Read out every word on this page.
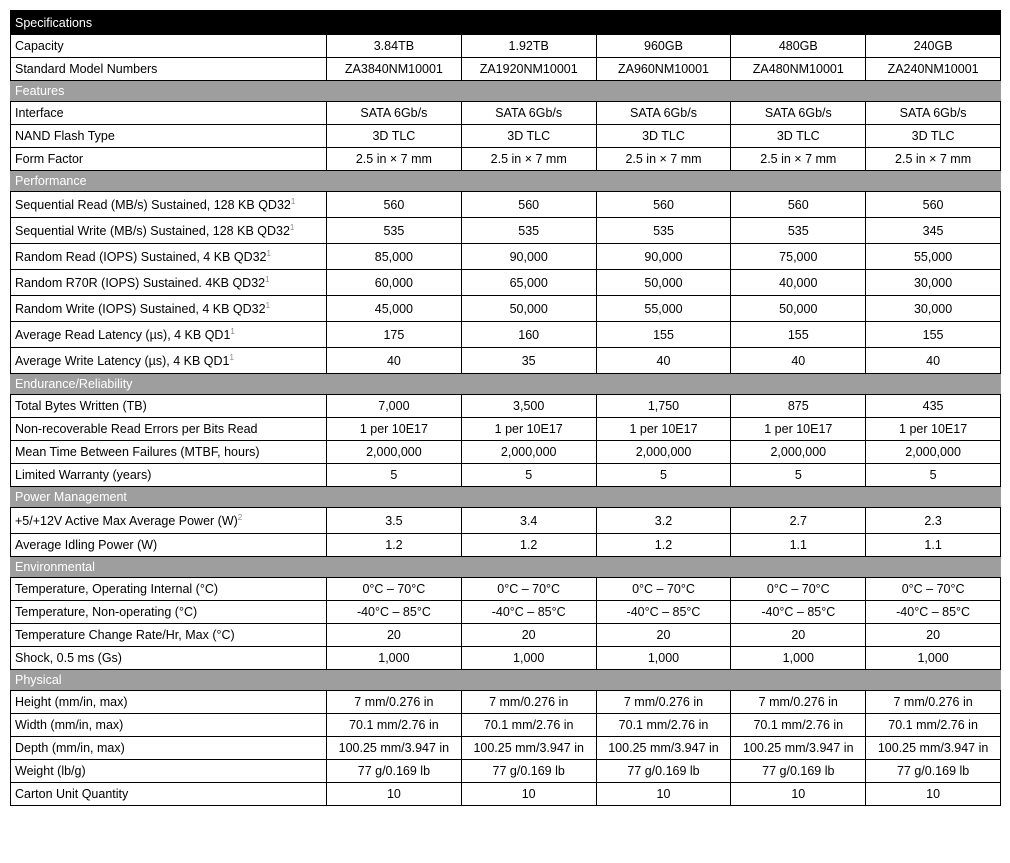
Specifications					
Capacity	3.84TB	1.92TB	960GB	480GB	240GB
Standard Model Numbers	ZA3840NM10001	ZA1920NM10001	ZA960NM10001	ZA480NM10001	ZA240NM10001
Features					
Interface	SATA 6Gb/s	SATA 6Gb/s	SATA 6Gb/s	SATA 6Gb/s	SATA 6Gb/s
NAND Flash Type	3D TLC	3D TLC	3D TLC	3D TLC	3D TLC
Form Factor	2.5 in × 7 mm	2.5 in × 7 mm	2.5 in × 7 mm	2.5 in × 7 mm	2.5 in × 7 mm
Performance					
Sequential Read (MB/s) Sustained, 128 KB $QD32^1$	560	560	560	560	560
Sequential Write (MB/s) Sustained, 128 KB $QD32^1$	535	535	535	535	345
Random Read (IOPS) Sustained, 4 KB $QD32^1$	85,000	90,000	90,000	75,000	55,000
Random R70R (IOPS) Sustained. 4KB $QD32^1$	60,000	65,000	50,000	40,000	30,000
Random Write (IOPS) Sustained, 4 KB $QD32^1$	45,000	50,000	55,000	50,000	30,000
Average Read Latency (µs), 4 KB $QD1^1$	175	160	155	155	155
Average Write Latency (µs), 4 KB $QD1^1$	40	35	40	40	40
Endurance/Reliability					
Total Bytes Written (TB)	7,000	3,500	1,750	875	435
Non-recoverable Read Errors per Bits Read	1 per 10E17	1 per 10E17	1 per 10E17	1 per 10E17	1 per 10E17
Mean Time Between Failures (MTBF, hours)	2,000,000	2,000,000	2,000,000	2,000,000	2,000,000
Limited Warranty (years)	5	5	5	5	5
Power Management					
+5/+12V Active Max Average Power $(W)^2$	3.5	3.4	3.2	2.7	2.3
Average Idling Power (W)	1.2	1.2	1.2	1.1	1.1
Environmental					
Temperature, Operating Internal (°C)	0°C – 70°C	0°C – 70°C	0°C – 70°C	0°C – 70°C	0°C – 70°C
Temperature, Non-operating (°C)	-40°C – 85°C	-40°C – 85°C	-40°C – 85°C	-40°C – 85°C	-40°C – 85°C
Temperature Change Rate/Hr, Max (°C)	20	20	20	20	20
Shock, 0.5 ms (Gs)	1,000	1,000	1,000	1,000	1,000
Physical					
Height (mm/in, max)	7 mm/0.276 in	7 mm/0.276 in	7 mm/0.276 in	7 mm/0.276 in	7 mm/0.276 in
Width (mm/in, max)	70.1 mm/2.76 in	70.1 mm/2.76 in	70.1 mm/2.76 in	70.1 mm/2.76 in	70.1 mm/2.76 in
Depth (mm/in, max)	100.25 mm/3.947 in	100.25 mm/3.947 in	100.25 mm/3.947 in	100.25 mm/3.947 in	100.25 mm/3.947 in
Weight (lb/g)	77 g/0.169 lb	77 g/0.169 lb	77 g/0.169 lb	77 g/0.169 lb	77 g/0.169 lb
Carton Unit Quantity	10	10	10	10	10
